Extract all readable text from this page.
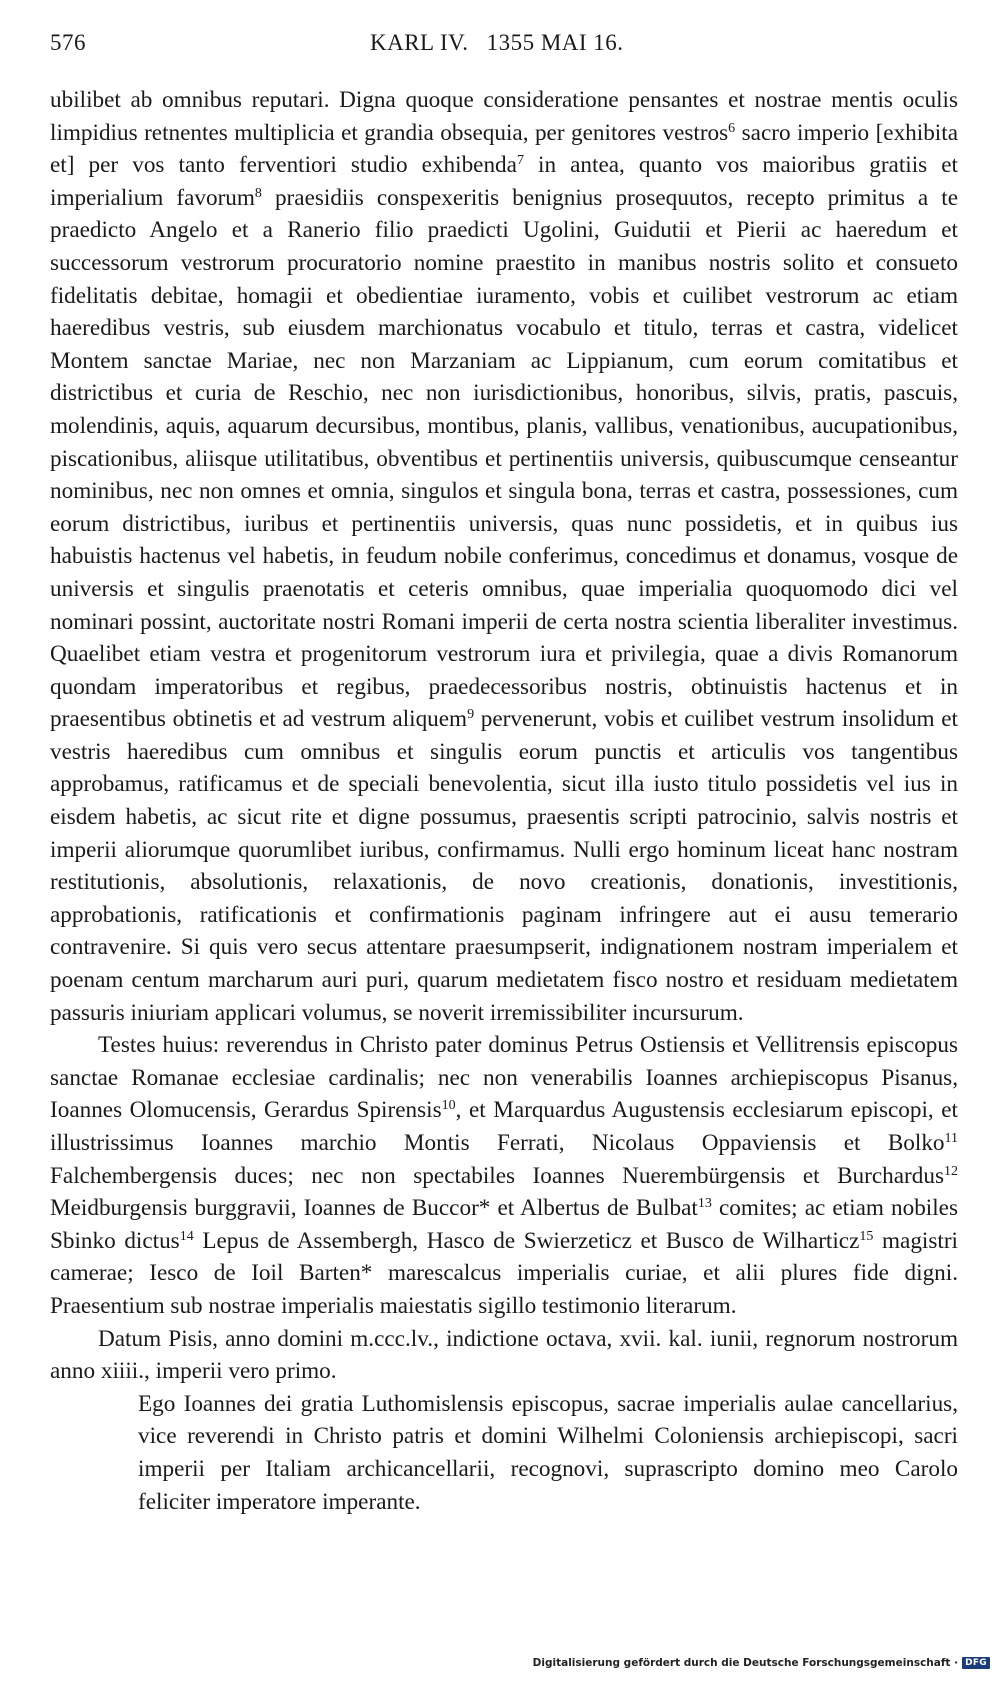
576	KARL IV. 1355 MAI 16.

ubilibet ab omnibus reputari. Digna quoque consideratione pensantes et nostrae mentis oculis limpidius retnentes multiplicia et grandia obsequia, per genitores vestros$^6$ sacro imperio [exhibita et] per vos tanto ferventiori studio exhibenda$^7$ in antea, quanto vos maioribus gratiis et imperialium favorum$^8$ praesidiis conspexeritis benignius prosequutos, recepto primitus a te praedicto Angelo et a Ranerio filio praedicti Ugolini, Guidutii et Pierii ac haeredum et successorum vestrorum procuratorio nomine praestito in manibus nostris solito et consueto fidelitatis debitae, homagii et obedientiae iuramento, vobis et cuilibet vestrorum ac etiam haeredibus vestris, sub eiusdem marchionatus vocabulo et titulo, terras et castra, videlicet Montem sanctae Mariae, nec non Marzaniam ac Lippianum, cum eorum comitatibus et districtibus et curia de Reschio, nec non iurisdictionibus, honoribus, silvis, pratis, pascuis, molendinis, aquis, aquarum decursibus, montibus, planis, vallibus, venationibus, aucupationibus, piscationibus, aliisque utilitatibus, obventibus et pertinentiis universis, quibuscumque censeantur nominibus, nec non omnes et omnia, singulos et singula bona, terras et castra, possessiones, cum eorum districtibus, iuribus et pertinentiis universis, quas nunc possidetis, et in quibus ius habuistis hactenus vel habetis, in feudum nobile conferimus, concedimus et donamus, vosque de universis et singulis praenotatis et ceteris omnibus, quae imperialia quoquomodo dici vel nominari possint, auctoritate nostri Romani imperii de certa nostra scientia liberaliter investimus. Quaelibet etiam vestra et progenitorum vestrorum iura et privilegia, quae a divis Romanorum quondam imperatoribus et regibus, praedecessoribus nostris, obtinuistis hactenus et in praesentibus obtinetis et ad vestrum aliquem$^9$ pervenerunt, vobis et cuilibet vestrum insolidum et vestris haeredibus cum omnibus et singulis eorum punctis et articulis vos tangentibus approbamus, ratificamus et de speciali benevolentia, sicut illa iusto titulo possidetis vel ius in eisdem habetis, ac sicut rite et digne possumus, praesentis scripti patrocinio, salvis nostris et imperii aliorumque quorumlibet iuribus, confirmamus. Nulli ergo hominum liceat hanc nostram restitutionis, absolutionis, relaxationis, de novo creationis, donationis, investitionis, approbationis, ratificationis et confirmationis paginam infringere aut ei ausu temerario contravenire. Si quis vero secus attentare praesumpserit, indignationem nostram imperialem et poenam centum marcharum auri puri, quarum medietatem fisco nostro et residuam medietatem passuris iniuriam applicari volumus, se noverit irremissibiliter incursurum.

Testes huius: reverendus in Christo pater dominus Petrus Ostiensis et Vellitrensis episcopus sanctae Romanae ecclesiae cardinalis; nec non venerabilis Ioannes archiepiscopus Pisanus, Ioannes Olomucensis, Gerardus Spirensis$^{10}$, et Marquardus Augustensis ecclesiarum episcopi, et illustrissimus Ioannes marchio Montis Ferrati, Nicolaus Oppaviensis et Bolko$^{11}$ Falchembergensis duces; nec non spectabiles Ioannes Nuerembürgensis et Burchardus$^{12}$ Meidburgensis burggravii, Ioannes de Buccor* et Albertus de Bulbat$^{13}$ comites; ac etiam nobiles Sbinko dictus$^{14}$ Lepus de Assembergh, Hasco de Swierzeticz et Busco de Wilharticz$^{15}$ magistri camerae; Iesco de Ioil Barten* marescalcus imperialis curiae, et alii plures fide digni. Praesentium sub nostrae imperialis maiestatis sigillo testimonio literarum.

Datum Pisis, anno domini m.ccc.lv., indictione octava, xvii. kal. iunii, regnorum nostrorum anno xiiii., imperii vero primo.

Ego Ioannes dei gratia Luthomislensis episcopus, sacrae imperialis aulae cancellarius, vice reverendi in Christo patris et domini Wilhelmi Coloniensis archiepiscopi, sacri imperii per Italiam archicancellarii, recognovi, suprascripto domino meo Carolo feliciter imperatore imperante.

Digitalisierung gefördert durch die Deutsche Forschungsgemeinschaft · DFG
